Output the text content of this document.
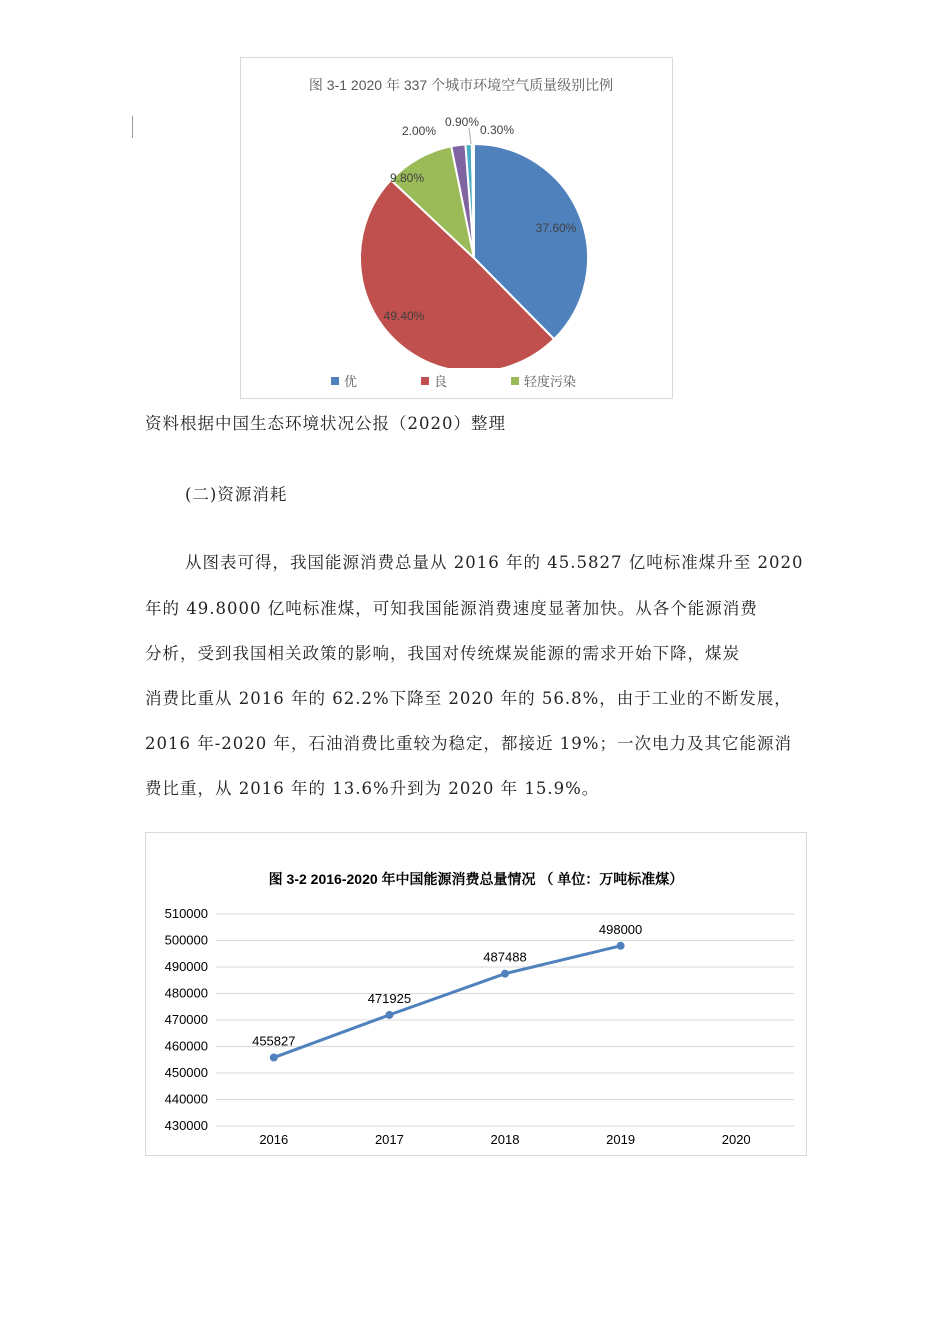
图 3-1 2020 年 337 个城市环境空气质量级别比例
37.60%
49.40%
9.80%
2.00%
0.90%
0.30%
优	良	轻度污染
资料根据中国生态环境状况公报（2020）整理
(二)资源消耗
从图表可得，我国能源消费总量从 2016 年的 45.5827 亿吨标准煤升至 2020
年的 49.8000 亿吨标准煤，可知我国能源消费速度显著加快。从各个能源消费
分析，受到我国相关政策的影响，我国对传统煤炭能源的需求开始下降，煤炭
消费比重从 2016 年的 62.2%下降至 2020 年的 56.8%，由于工业的不断发展，
2016 年-2020 年，石油消费比重较为稳定，都接近 19%；一次电力及其它能源消
费比重，从 2016 年的 13.6%升到为 2020 年 15.9%。
图 3-2 2016-2020 年中国能源消费总量情况 （ 单位：万吨标准煤）
430000
440000
450000
460000
470000
480000
490000
500000
510000
2016	2017	2018	2019	2020
455827
471925
487488
498000
